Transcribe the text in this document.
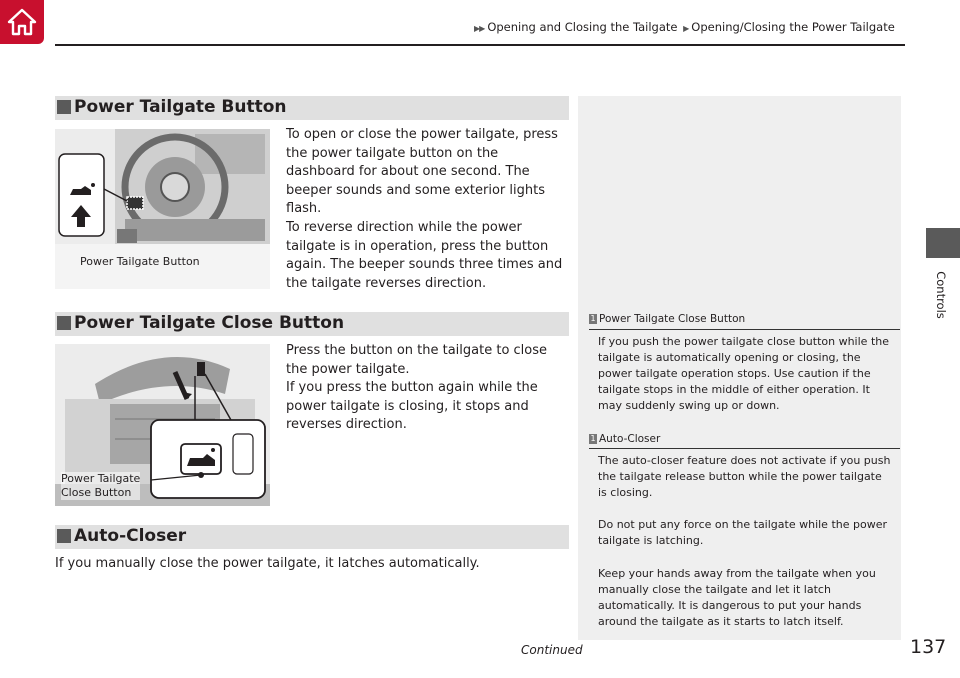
▶▶ Opening and Closing the Tailgate ▶ Opening/Closing the Power Tailgate
Controls
Power Tailgate Button
Power Tailgate Button
To open or close the power tailgate, press the power tailgate button on the dashboard for about one second. The beeper sounds and some exterior lights flash.
To reverse direction while the power tailgate is in operation, press the button again. The beeper sounds three times and the tailgate reverses direction.
Power Tailgate Close Button
Power Tailgate
Close Button
Press the button on the tailgate to close the power tailgate.
If you press the button again while the power tailgate is closing, it stops and reverses direction.
Auto-Closer
If you manually close the power tailgate, it latches automatically.
1 Power Tailgate Close Button
If you push the power tailgate close button while the tailgate is automatically opening or closing, the power tailgate operation stops. Use caution if the tailgate stops in the middle of either operation. It may suddenly swing up or down.
1 Auto-Closer
The auto-closer feature does not activate if you push the tailgate release button while the power tailgate is closing.
Do not put any force on the tailgate while the power tailgate is latching.
Keep your hands away from the tailgate when you manually close the tailgate and let it latch automatically. It is dangerous to put your hands around the tailgate as it starts to latch itself.
Continued	137
